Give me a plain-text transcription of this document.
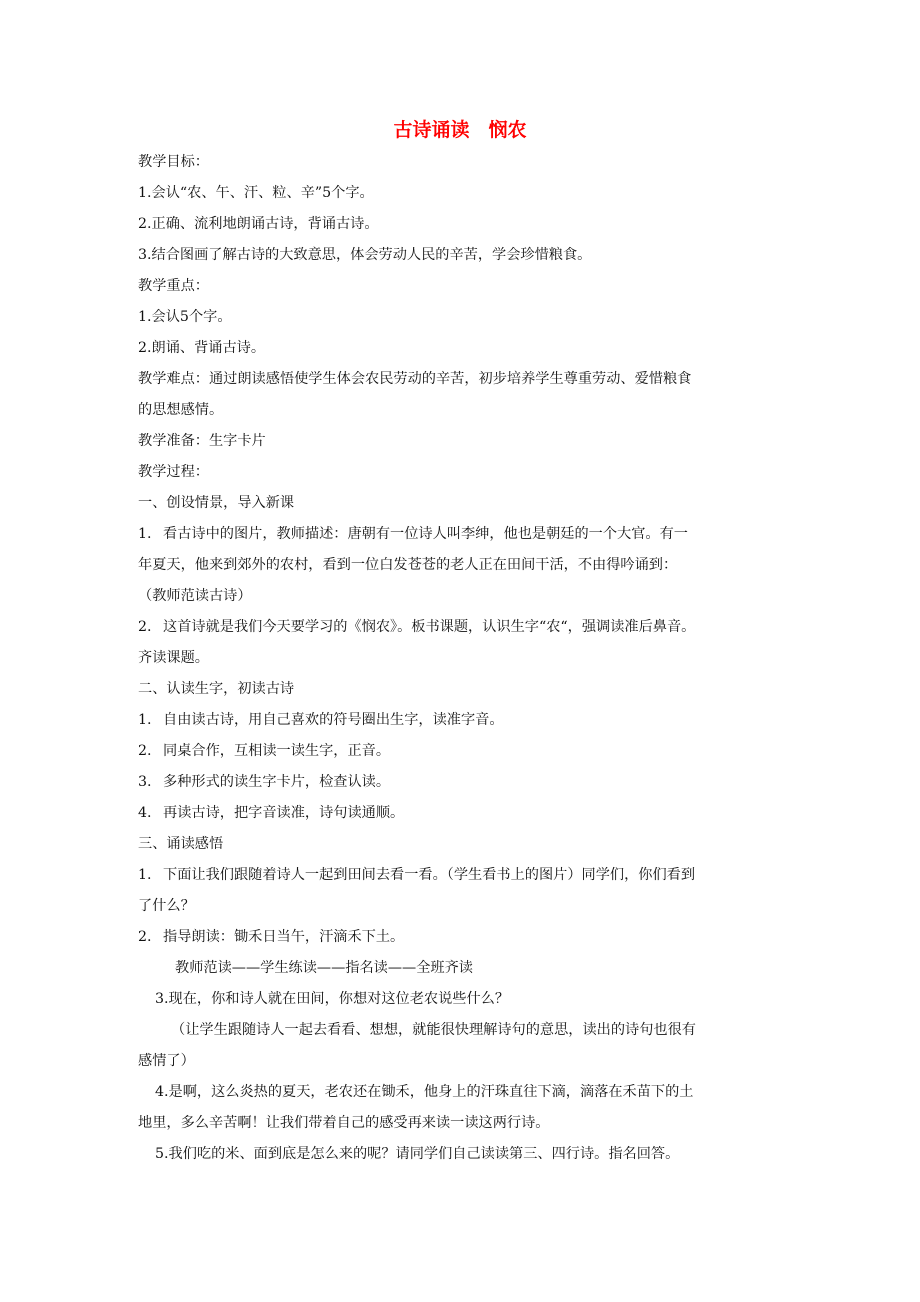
古诗诵读　悯农
教学目标：
1.会认“农、午、汗、粒、辛”5个字。
2.正确、流利地朗诵古诗，背诵古诗。
3.结合图画了解古诗的大致意思，体会劳动人民的辛苦，学会珍惜粮食。
教学重点：
1.会认5个字。
2.朗诵、背诵古诗。
教学难点：通过朗读感悟使学生体会农民劳动的辛苦，初步培养学生尊重劳动、爱惜粮食
的思想感情。
教学准备：生字卡片
教学过程：
一、创设情景，导入新课
1. 看古诗中的图片，教师描述：唐朝有一位诗人叫李绅，他也是朝廷的一个大官。有一
年夏天，他来到郊外的农村，看到一位白发苍苍的老人正在田间干活，不由得吟诵到：
（教师范读古诗）
2. 这首诗就是我们今天要学习的《悯农》。板书课题，认识生字“农“，强调读准后鼻音。
齐读课题。
二、认读生字，初读古诗
1. 自由读古诗，用自己喜欢的符号圈出生字，读准字音。
2. 同桌合作，互相读一读生字，正音。
3. 多种形式的读生字卡片，检查认读。
4. 再读古诗，把字音读准，诗句读通顺。
三、诵读感悟
1. 下面让我们跟随着诗人一起到田间去看一看。（学生看书上的图片）同学们，你们看到
了什么？
2. 指导朗读：锄禾日当午，汗滴禾下土。
教师范读——学生练读——指名读——全班齐读
3.现在，你和诗人就在田间，你想对这位老农说些什么？
（让学生跟随诗人一起去看看、想想，就能很快理解诗句的意思，读出的诗句也很有
感情了）
4.是啊，这么炎热的夏天，老农还在锄禾，他身上的汗珠直往下滴，滴落在禾苗下的土
地里，多么辛苦啊！让我们带着自己的感受再来读一读这两行诗。
5.我们吃的米、面到底是怎么来的呢？请同学们自己读读第三、四行诗。指名回答。
